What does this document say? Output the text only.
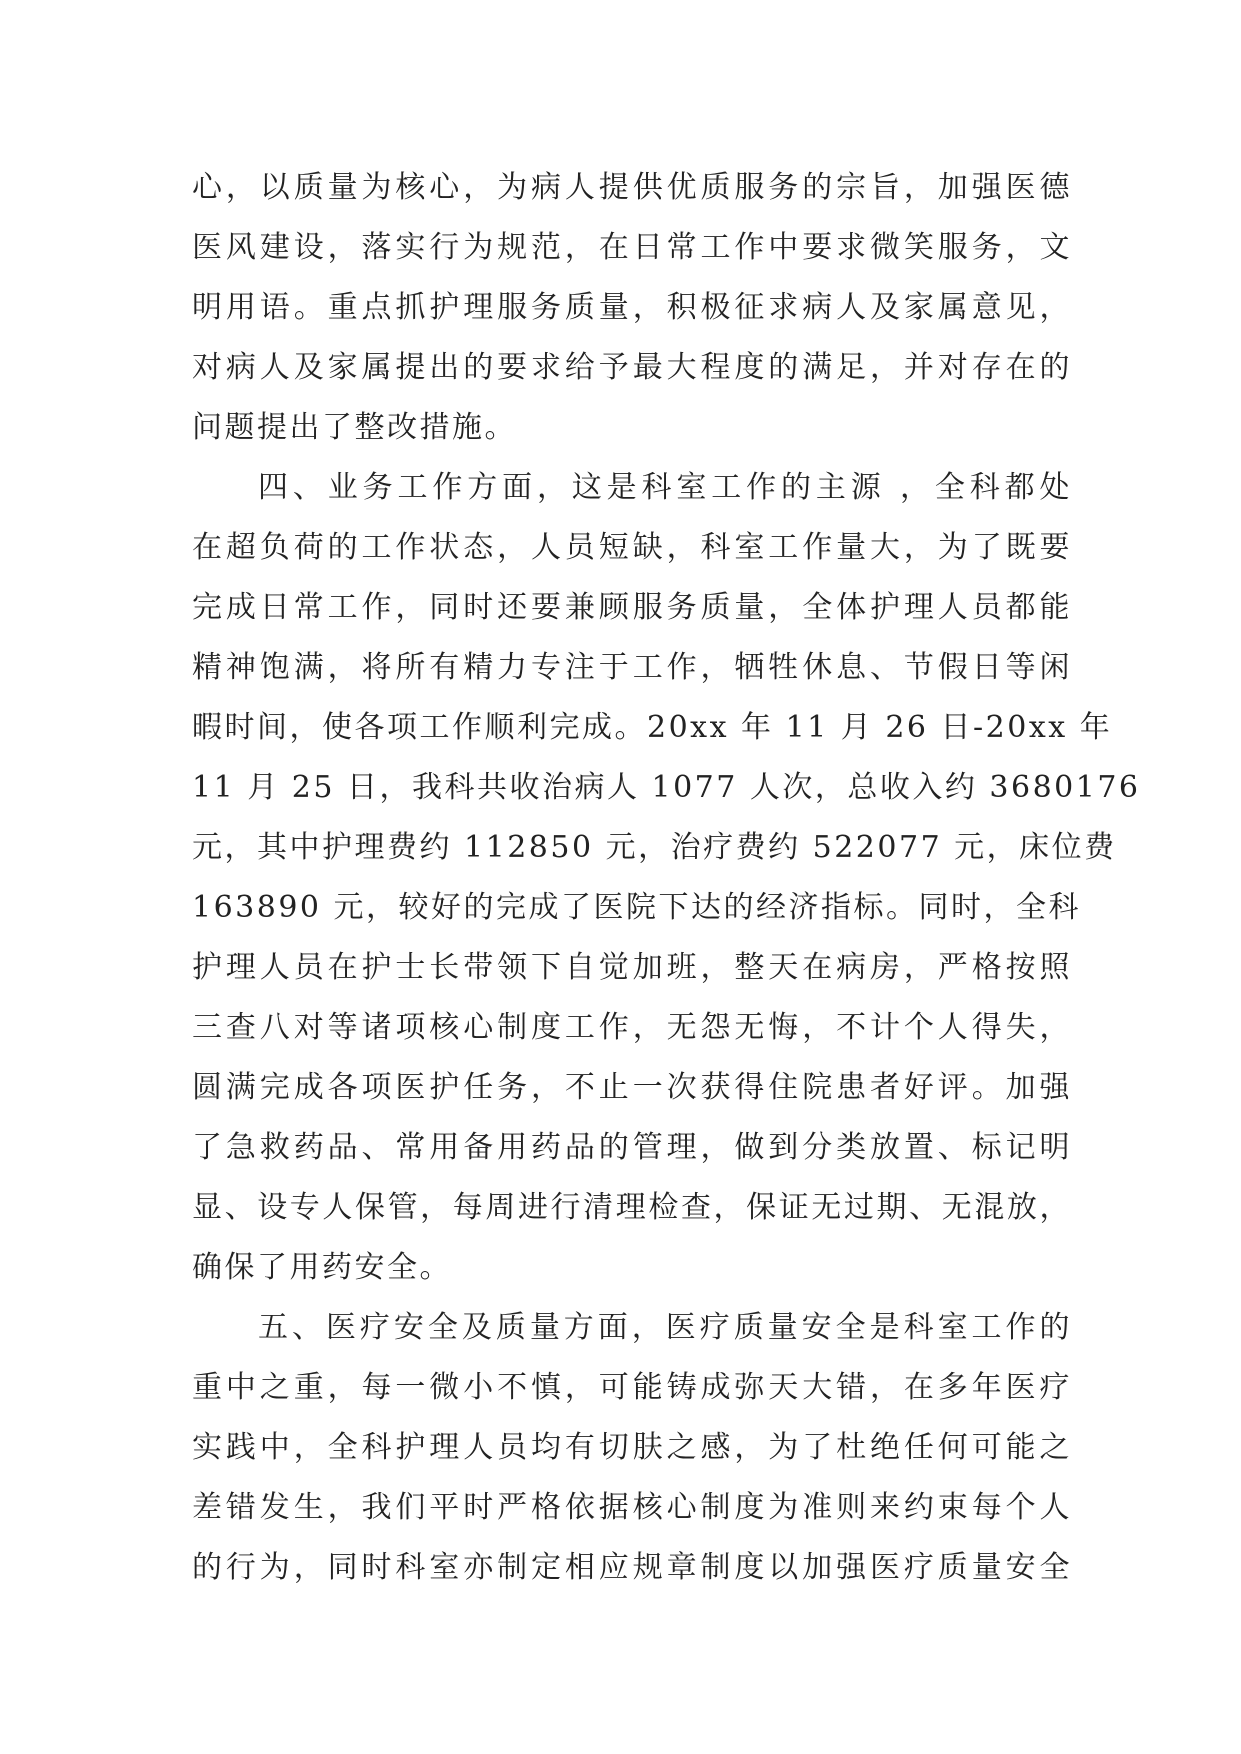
心，以质量为核心，为病人提供优质服务的宗旨，加强医德
医风建设，落实行为规范，在日常工作中要求微笑服务，文
明用语。重点抓护理服务质量，积极征求病人及家属意见，
对病人及家属提出的要求给予最大程度的满足，并对存在的
问题提出了整改措施。
四、业务工作方面，这是科室工作的主源 ，全科都处
在超负荷的工作状态，人员短缺，科室工作量大，为了既要
完成日常工作，同时还要兼顾服务质量，全体护理人员都能
精神饱满，将所有精力专注于工作，牺牲休息、节假日等闲
暇时间，使各项工作顺利完成。20xx 年 11 月 26 日-20xx 年
11 月 25 日，我科共收治病人 1077 人次，总收入约 3680176
元，其中护理费约 112850 元，治疗费约 522077 元，床位费
163890 元，较好的完成了医院下达的经济指标。同时，全科
护理人员在护士长带领下自觉加班，整天在病房，严格按照
三查八对等诸项核心制度工作，无怨无悔，不计个人得失，
圆满完成各项医护任务，不止一次获得住院患者好评。加强
了急救药品、常用备用药品的管理，做到分类放置、标记明
显、设专人保管，每周进行清理检查，保证无过期、无混放，
确保了用药安全。
五、医疗安全及质量方面，医疗质量安全是科室工作的
重中之重，每一微小不慎，可能铸成弥天大错，在多年医疗
实践中，全科护理人员均有切肤之感，为了杜绝任何可能之
差错发生，我们平时严格依据核心制度为准则来约束每个人
的行为，同时科室亦制定相应规章制度以加强医疗质量安全
